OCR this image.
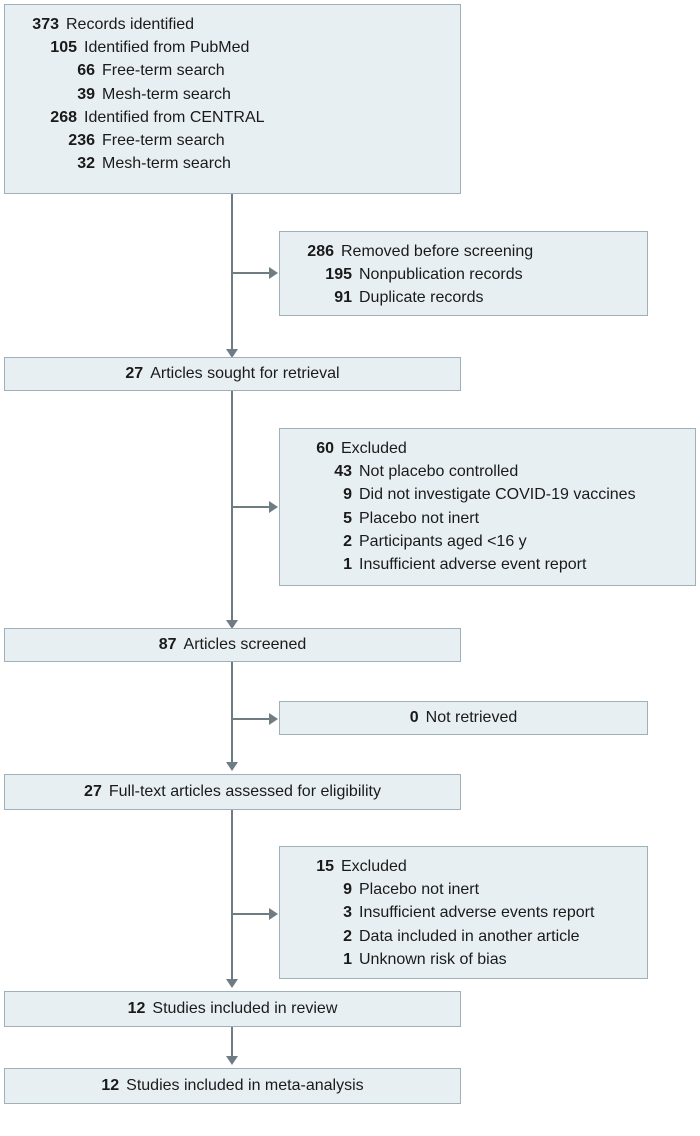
373 Records identified
105 Identified from PubMed
66 Free-term search
39 Mesh-term search
268 Identified from CENTRAL
236 Free-term search
32 Mesh-term search
286 Removed before screening
195 Nonpublication records
91 Duplicate records
27 Articles sought for retrieval
60 Excluded
43 Not placebo controlled
9 Did not investigate COVID-19 vaccines
5 Placebo not inert
2 Participants aged <16 y
1 Insufficient adverse event report
87 Articles screened
0 Not retrieved
27 Full-text articles assessed for eligibility
15 Excluded
9 Placebo not inert
3 Insufficient adverse events report
2 Data included in another article
1 Unknown risk of bias
12 Studies included in review
12 Studies included in meta-analysis
